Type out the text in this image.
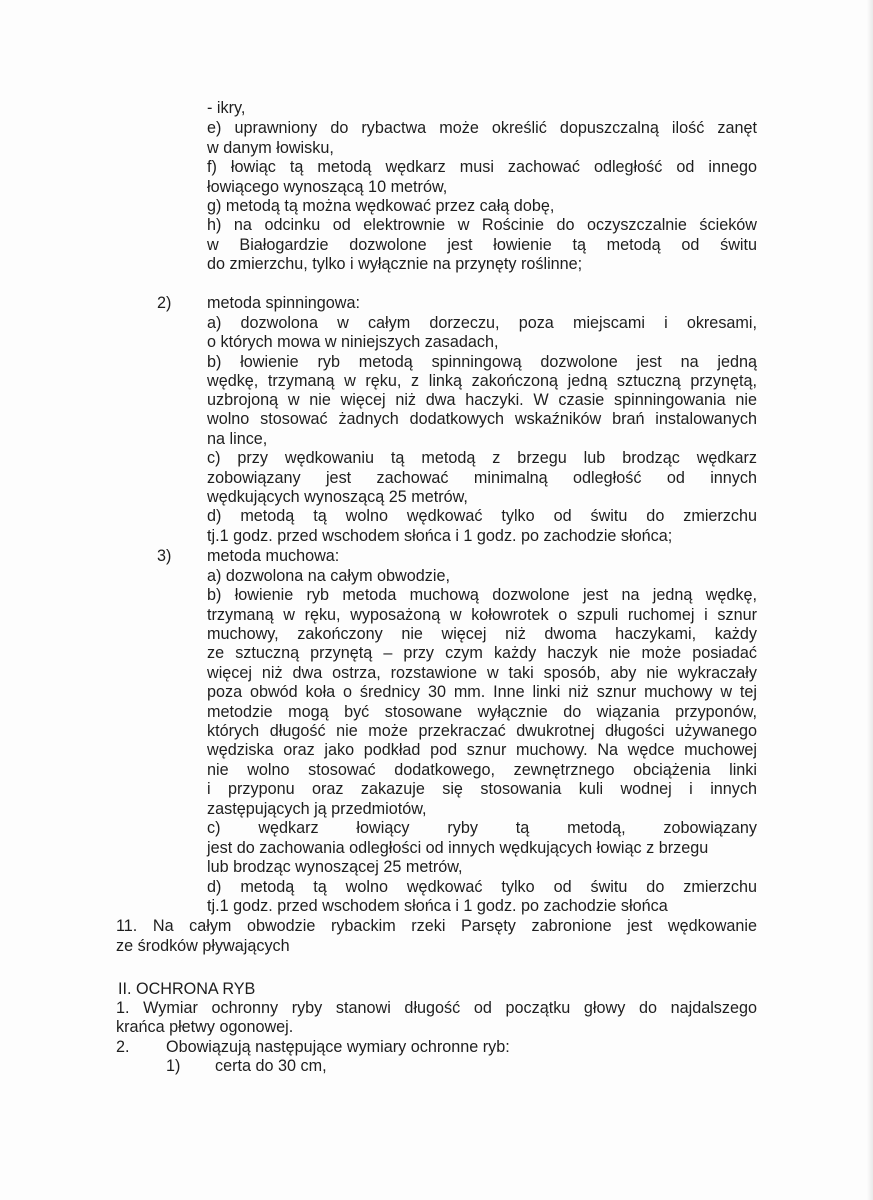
- ikry,
e) uprawniony do rybactwa może określić dopuszczalną ilość zanęt
w danym łowisku,
f) łowiąc tą metodą wędkarz musi zachować odległość od innego
łowiącego wynoszącą 10 metrów,
g) metodą tą można wędkować przez całą dobę,
h) na odcinku od elektrownie w Rościnie do oczyszczalnie ścieków
w Białogardzie dozwolone jest łowienie tą metodą od świtu
do zmierzchu, tylko i wyłącznie na przynęty roślinne;
2) metoda spinningowa:
a) dozwolona w całym dorzeczu, poza miejscami i okresami,
o których mowa w niniejszych zasadach,
b) łowienie ryb metodą spinningową dozwolone jest na jedną
wędkę, trzymaną w ręku, z linką zakończoną jedną sztuczną przynętą,
uzbrojoną w nie więcej niż dwa haczyki. W czasie spinningowania nie
wolno stosować żadnych dodatkowych wskaźników brań instalowanych
na lince,
c) przy wędkowaniu tą metodą z brzegu lub brodząc wędkarz
zobowiązany jest zachować minimalną odległość od innych
wędkujących wynoszącą 25 metrów,
d) metodą tą wolno wędkować tylko od świtu do zmierzchu
tj.1 godz. przed wschodem słońca i 1 godz. po zachodzie słońca;
3) metoda muchowa:
a) dozwolona na całym obwodzie,
b) łowienie ryb metoda muchową dozwolone jest na jedną wędkę,
trzymaną w ręku, wyposażoną w kołowrotek o szpuli ruchomej i sznur
muchowy, zakończony nie więcej niż dwoma haczykami, każdy
ze sztuczną przynętą – przy czym każdy haczyk nie może posiadać
więcej niż dwa ostrza, rozstawione w taki sposób, aby nie wykraczały
poza obwód koła o średnicy 30 mm. Inne linki niż sznur muchowy w tej
metodzie mogą być stosowane wyłącznie do wiązania przyponów,
których długość nie może przekraczać dwukrotnej długości używanego
wędziska oraz jako podkład pod sznur muchowy. Na wędce muchowej
nie wolno stosować dodatkowego, zewnętrznego obciążenia linki
i przyponu oraz zakazuje się stosowania kuli wodnej i innych
zastępujących ją przedmiotów,
c) wędkarz łowiący ryby tą metodą, zobowiązany
jest do zachowania odległości od innych wędkujących łowiąc z brzegu
lub brodząc wynoszącej 25 metrów,
d) metodą tą wolno wędkować tylko od świtu do zmierzchu
tj.1 godz. przed wschodem słońca i 1 godz. po zachodzie słońca
11. Na całym obwodzie rybackim rzeki Parsęty zabronione jest wędkowanie
ze środków pływających
II. OCHRONA RYB
1. Wymiar ochronny ryby stanowi długość od początku głowy do najdalszego
krańca płetwy ogonowej.
2. Obowiązują następujące wymiary ochronne ryb:
1) certa do 30 cm,
